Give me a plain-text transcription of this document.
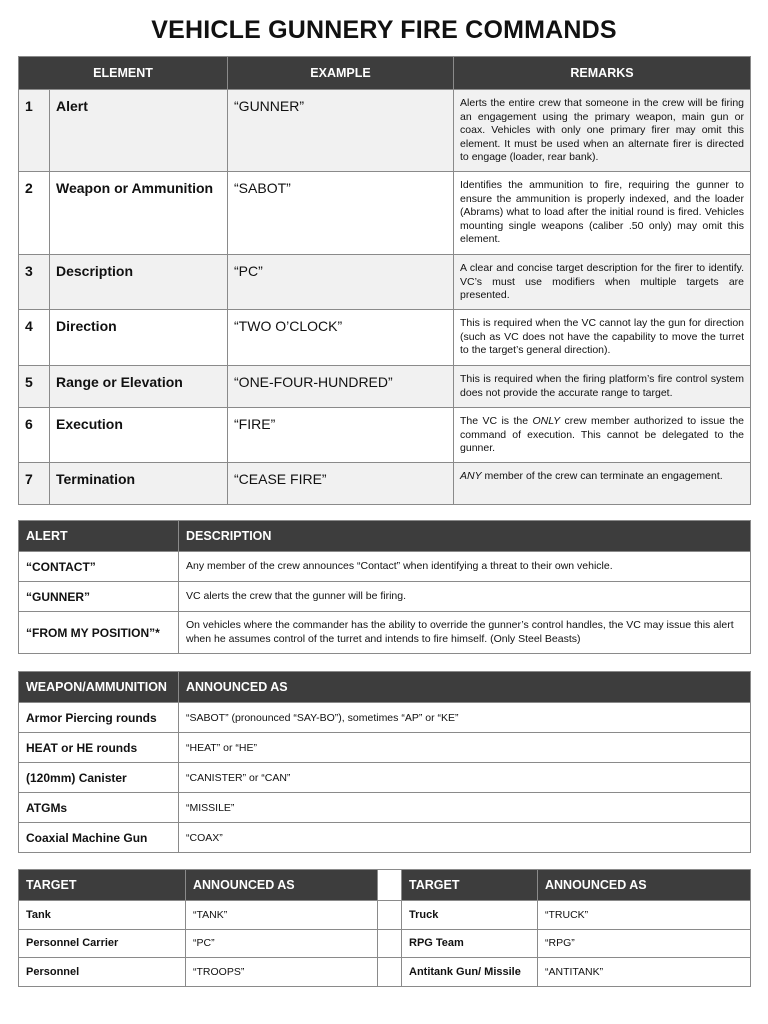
VEHICLE GUNNERY FIRE COMMANDS
ELEMENT		EXAMPLE	REMARKS
1	Alert	“GUNNER”	Alerts the entire crew that someone in the crew will be firing an engagement using the primary weapon, main gun or coax. Vehicles with only one primary firer may omit this element. It must be used when an alternate firer is directed to engage (loader, rear bank).
2	Weapon or Ammunition	“SABOT”	Identifies the ammunition to fire, requiring the gunner to ensure the ammunition is properly indexed, and the loader (Abrams) what to load after the initial round is fired. Vehicles mounting single weapons (caliber .50 only) may omit this element.
3	Description	“PC”	A clear and concise target description for the firer to identify. VC’s must use modifiers when multiple targets are presented.
4	Direction	“TWO O’CLOCK”	This is required when the VC cannot lay the gun for direction (such as VC does not have the capability to move the turret to the target’s general direction).
5	Range or Elevation	“ONE-FOUR-HUNDRED”	This is required when the firing platform’s fire control system does not provide the accurate range to target.
6	Execution	“FIRE”	The VC is the ONLY crew member authorized to issue the command of execution. This cannot be delegated to the gunner.
7	Termination	“CEASE FIRE”	ANY member of the crew can terminate an engagement.
ALERT	DESCRIPTION
“CONTACT”	Any member of the crew announces “Contact” when identifying a threat to their own vehicle.
“GUNNER”	VC alerts the crew that the gunner will be firing.
“FROM MY POSITION”*	On vehicles where the commander has the ability to override the gunner’s control handles, the VC may issue this alert when he assumes control of the turret and intends to fire himself. (Only Steel Beasts)
WEAPON/AMMUNITION	ANNOUNCED AS
Armor Piercing rounds	“SABOT” (pronounced “SAY-BO”), sometimes “AP” or “KE”
HEAT or HE rounds	“HEAT” or “HE”
(120mm) Canister	“CANISTER” or “CAN”
ATGMs	“MISSILE”
Coaxial Machine Gun	“COAX”
TARGET	ANNOUNCED AS		TARGET	ANNOUNCED AS
Tank	“TANK”		Truck	“TRUCK”
Personnel Carrier	“PC”		RPG Team	“RPG”
Personnel	“TROOPS”		Antitank Gun/ Missile	“ANTITANK”
